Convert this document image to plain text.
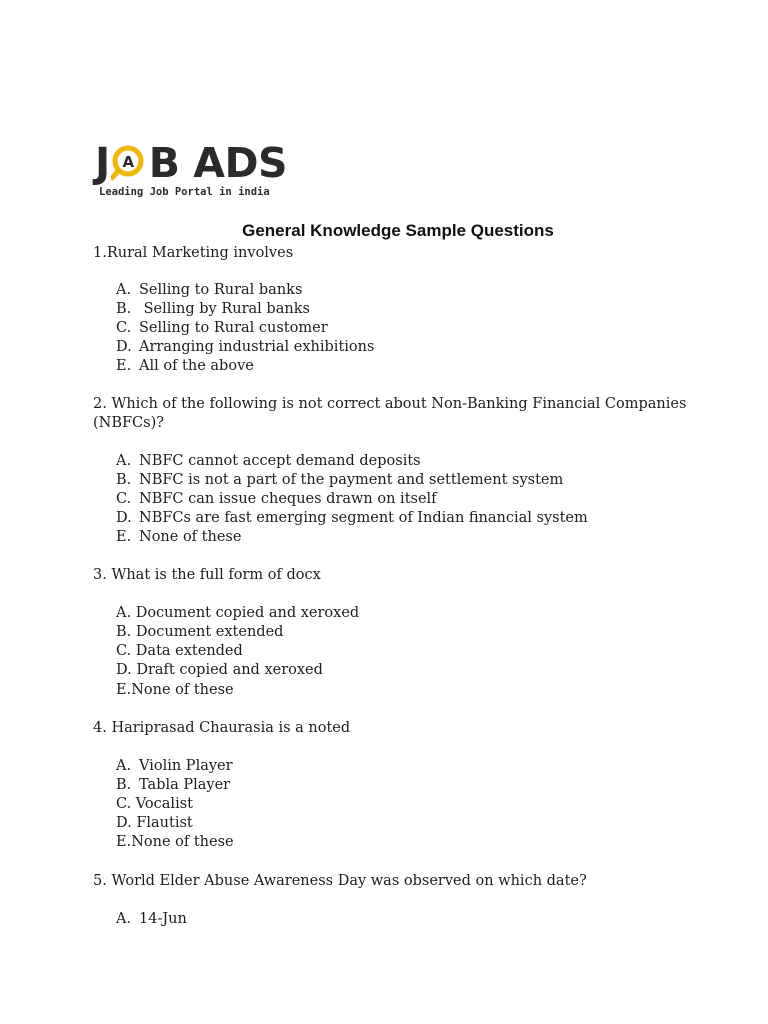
J A B ADS
Leading Job Portal in india
General Knowledge Sample Questions
1.Rural Marketing involves
A. Selling to Rural banks
B. Selling by Rural banks
C. Selling to Rural customer
D. Arranging industrial exhibitions
E. All of the above
2. Which of the following is not correct about Non-Banking Financial Companies
(NBFCs)?
A. NBFC cannot accept demand deposits
B. NBFC is not a part of the payment and settlement system
C. NBFC can issue cheques drawn on itself
D. NBFCs are fast emerging segment of Indian financial system
E. None of these
3. What is the full form of docx
A. Document copied and xeroxed
B. Document extended
C. Data extended
D. Draft copied and xeroxed
E.None of these
4. Hariprasad Chaurasia is a noted
A. Violin Player
B. Tabla Player
C. Vocalist
D. Flautist
E.None of these
5. World Elder Abuse Awareness Day was observed on which date?
A. 14-Jun
